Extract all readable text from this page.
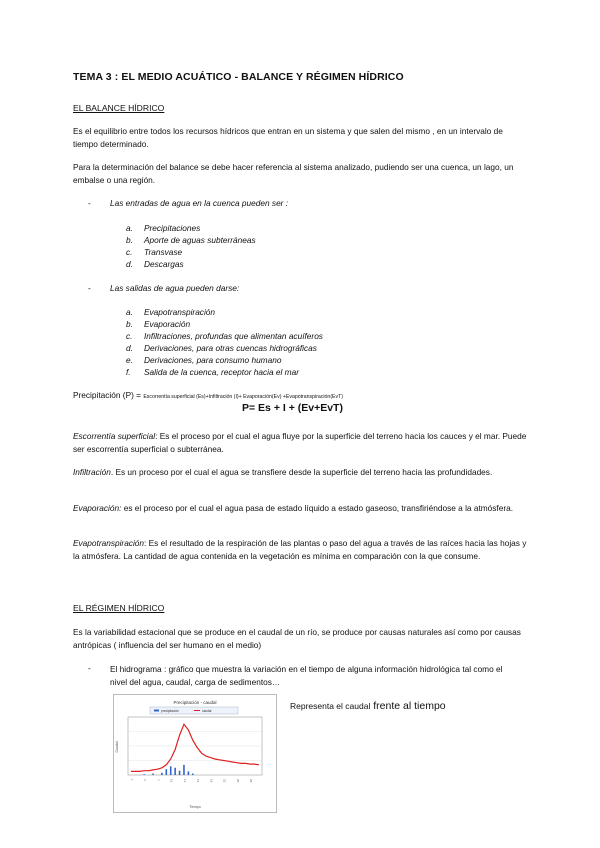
TEMA 3 : EL MEDIO ACUÁTICO - BALANCE Y RÉGIMEN HÍDRICO
EL BALANCE HÍDRICO
Es el equilibrio entre todos los recursos hídricos que entran en un sistema y que salen del mismo , en un intervalo de tiempo determinado.
Para la determinación del balance se debe hacer referencia al sistema analizado, pudiendo ser una cuenca, un lago, un embalse o una región.
- Las entradas de agua en la cuenca pueden ser :
a. Precipitaciones
b. Aporte de aguas subterráneas
c. Transvase
d. Descargas
- Las salidas de agua pueden darse:
a. Evapotranspiración
b. Evaporación
c. Infiltraciones, profundas que alimentan acuíferos
d. Derivaciones, para otras cuencas hidrográficas
e. Derivaciones, para consumo humano
f. Salida de la cuenca, receptor hacia el mar
Precipitación (P) = Escorrentía superficial (Es)+Infiltración (I)+ Evaporación(Ev) +Evapotranspiración(EvT)
P= Es + I + (Ev+EvT)
Escorrentía superficial: Es el proceso por el cual el agua fluye por la superficie del terreno hacia los cauces y el mar. Puede ser escorrentía superficial o subterránea.
Infiltración. Es un proceso por el cual el agua se transfiere desde la superficie del terreno hacia las profundidades.
Evaporación: es el proceso por el cual el agua pasa de estado líquido a estado gaseoso, transfiriéndose a la atmósfera.
Evapotranspiración: Es el resultado de la respiración de las plantas o paso del agua a través de las raíces hacia las hojas y la atmósfera. La cantidad de agua contenida en la vegetación es mínima en comparación con la que consume.
EL RÉGIMEN HÍDRICO
Es la variabilidad estacional que se produce en el caudal de un río, se produce por causas naturales así como por causas antrópicas ( influencia del ser humano en el medio)
- El hidrograma : gráfico que muestra la variación en el tiempo de alguna información hidrológica tal como el nivel del agua, caudal, carga de sedimentos…
Precipitación - caudal
precipitación	caudal
1	4	7	10	13	16	19	22	25	28
Caudal
Tiempo
Representa el caudal frente al tiempo
